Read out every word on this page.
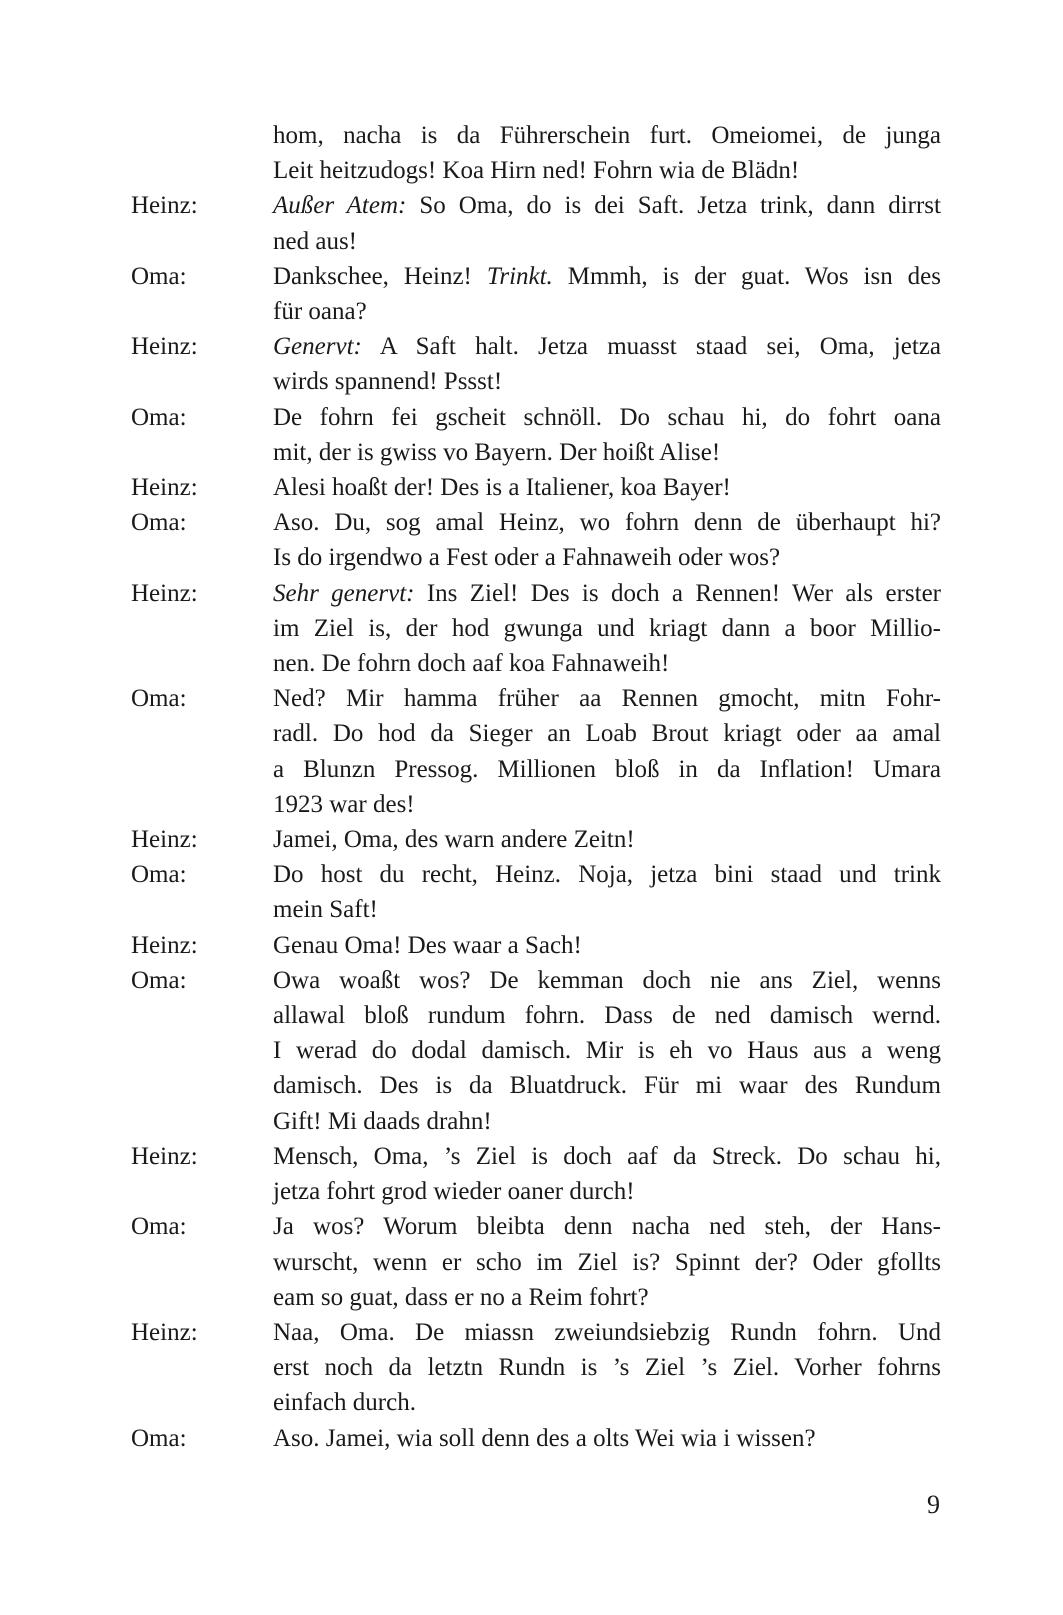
hom, nacha is da Führerschein furt. Omeiomei, de junga
Leit heitzudogs! Koa Hirn ned! Fohrn wia de Blädn!
Heinz:	Außer Atem: So Oma, do is dei Saft. Jetza trink, dann dirrst
ned aus!
Oma:	Dankschee, Heinz! Trinkt. Mmmh, is der guat. Wos isn des
für oana?
Heinz:	Genervt: A Saft halt. Jetza muasst staad sei, Oma, jetza
wirds spannend! Pssst!
Oma:	De fohrn fei gscheit schnöll. Do schau hi, do fohrt oana
mit, der is gwiss vo Bayern. Der hoißt Alise!
Heinz:	Alesi hoaßt der! Des is a Italiener, koa Bayer!
Oma:	Aso. Du, sog amal Heinz, wo fohrn denn de überhaupt hi?
Is do irgendwo a Fest oder a Fahnaweih oder wos?
Heinz:	Sehr genervt: Ins Ziel! Des is doch a Rennen! Wer als erster
im Ziel is, der hod gwunga und kriagt dann a boor Millio-
nen. De fohrn doch aaf koa Fahnaweih!
Oma:	Ned? Mir hamma früher aa Rennen gmocht, mitn Fohr-
radl. Do hod da Sieger an Loab Brout kriagt oder aa amal
a Blunzn Pressog. Millionen bloß in da Inflation! Umara
1923 war des!
Heinz:	Jamei, Oma, des warn andere Zeitn!
Oma:	Do host du recht, Heinz. Noja, jetza bini staad und trink
mein Saft!
Heinz:	Genau Oma! Des waar a Sach!
Oma:	Owa woaßt wos? De kemman doch nie ans Ziel, wenns
allawal bloß rundum fohrn. Dass de ned damisch wernd.
I werad do dodal damisch. Mir is eh vo Haus aus a weng
damisch. Des is da Bluatdruck. Für mi waar des Rundum
Gift! Mi daads drahn!
Heinz:	Mensch, Oma, ’s Ziel is doch aaf da Streck. Do schau hi,
jetza fohrt grod wieder oaner durch!
Oma:	Ja wos? Worum bleibta denn nacha ned steh, der Hans-
wurscht, wenn er scho im Ziel is? Spinnt der? Oder gfollts
eam so guat, dass er no a Reim fohrt?
Heinz:	Naa, Oma. De miassn zweiundsiebzig Rundn fohrn. Und
erst noch da letztn Rundn is ’s Ziel ’s Ziel. Vorher fohrns
einfach durch.
Oma:	Aso. Jamei, wia soll denn des a olts Wei wia i wissen?
9
